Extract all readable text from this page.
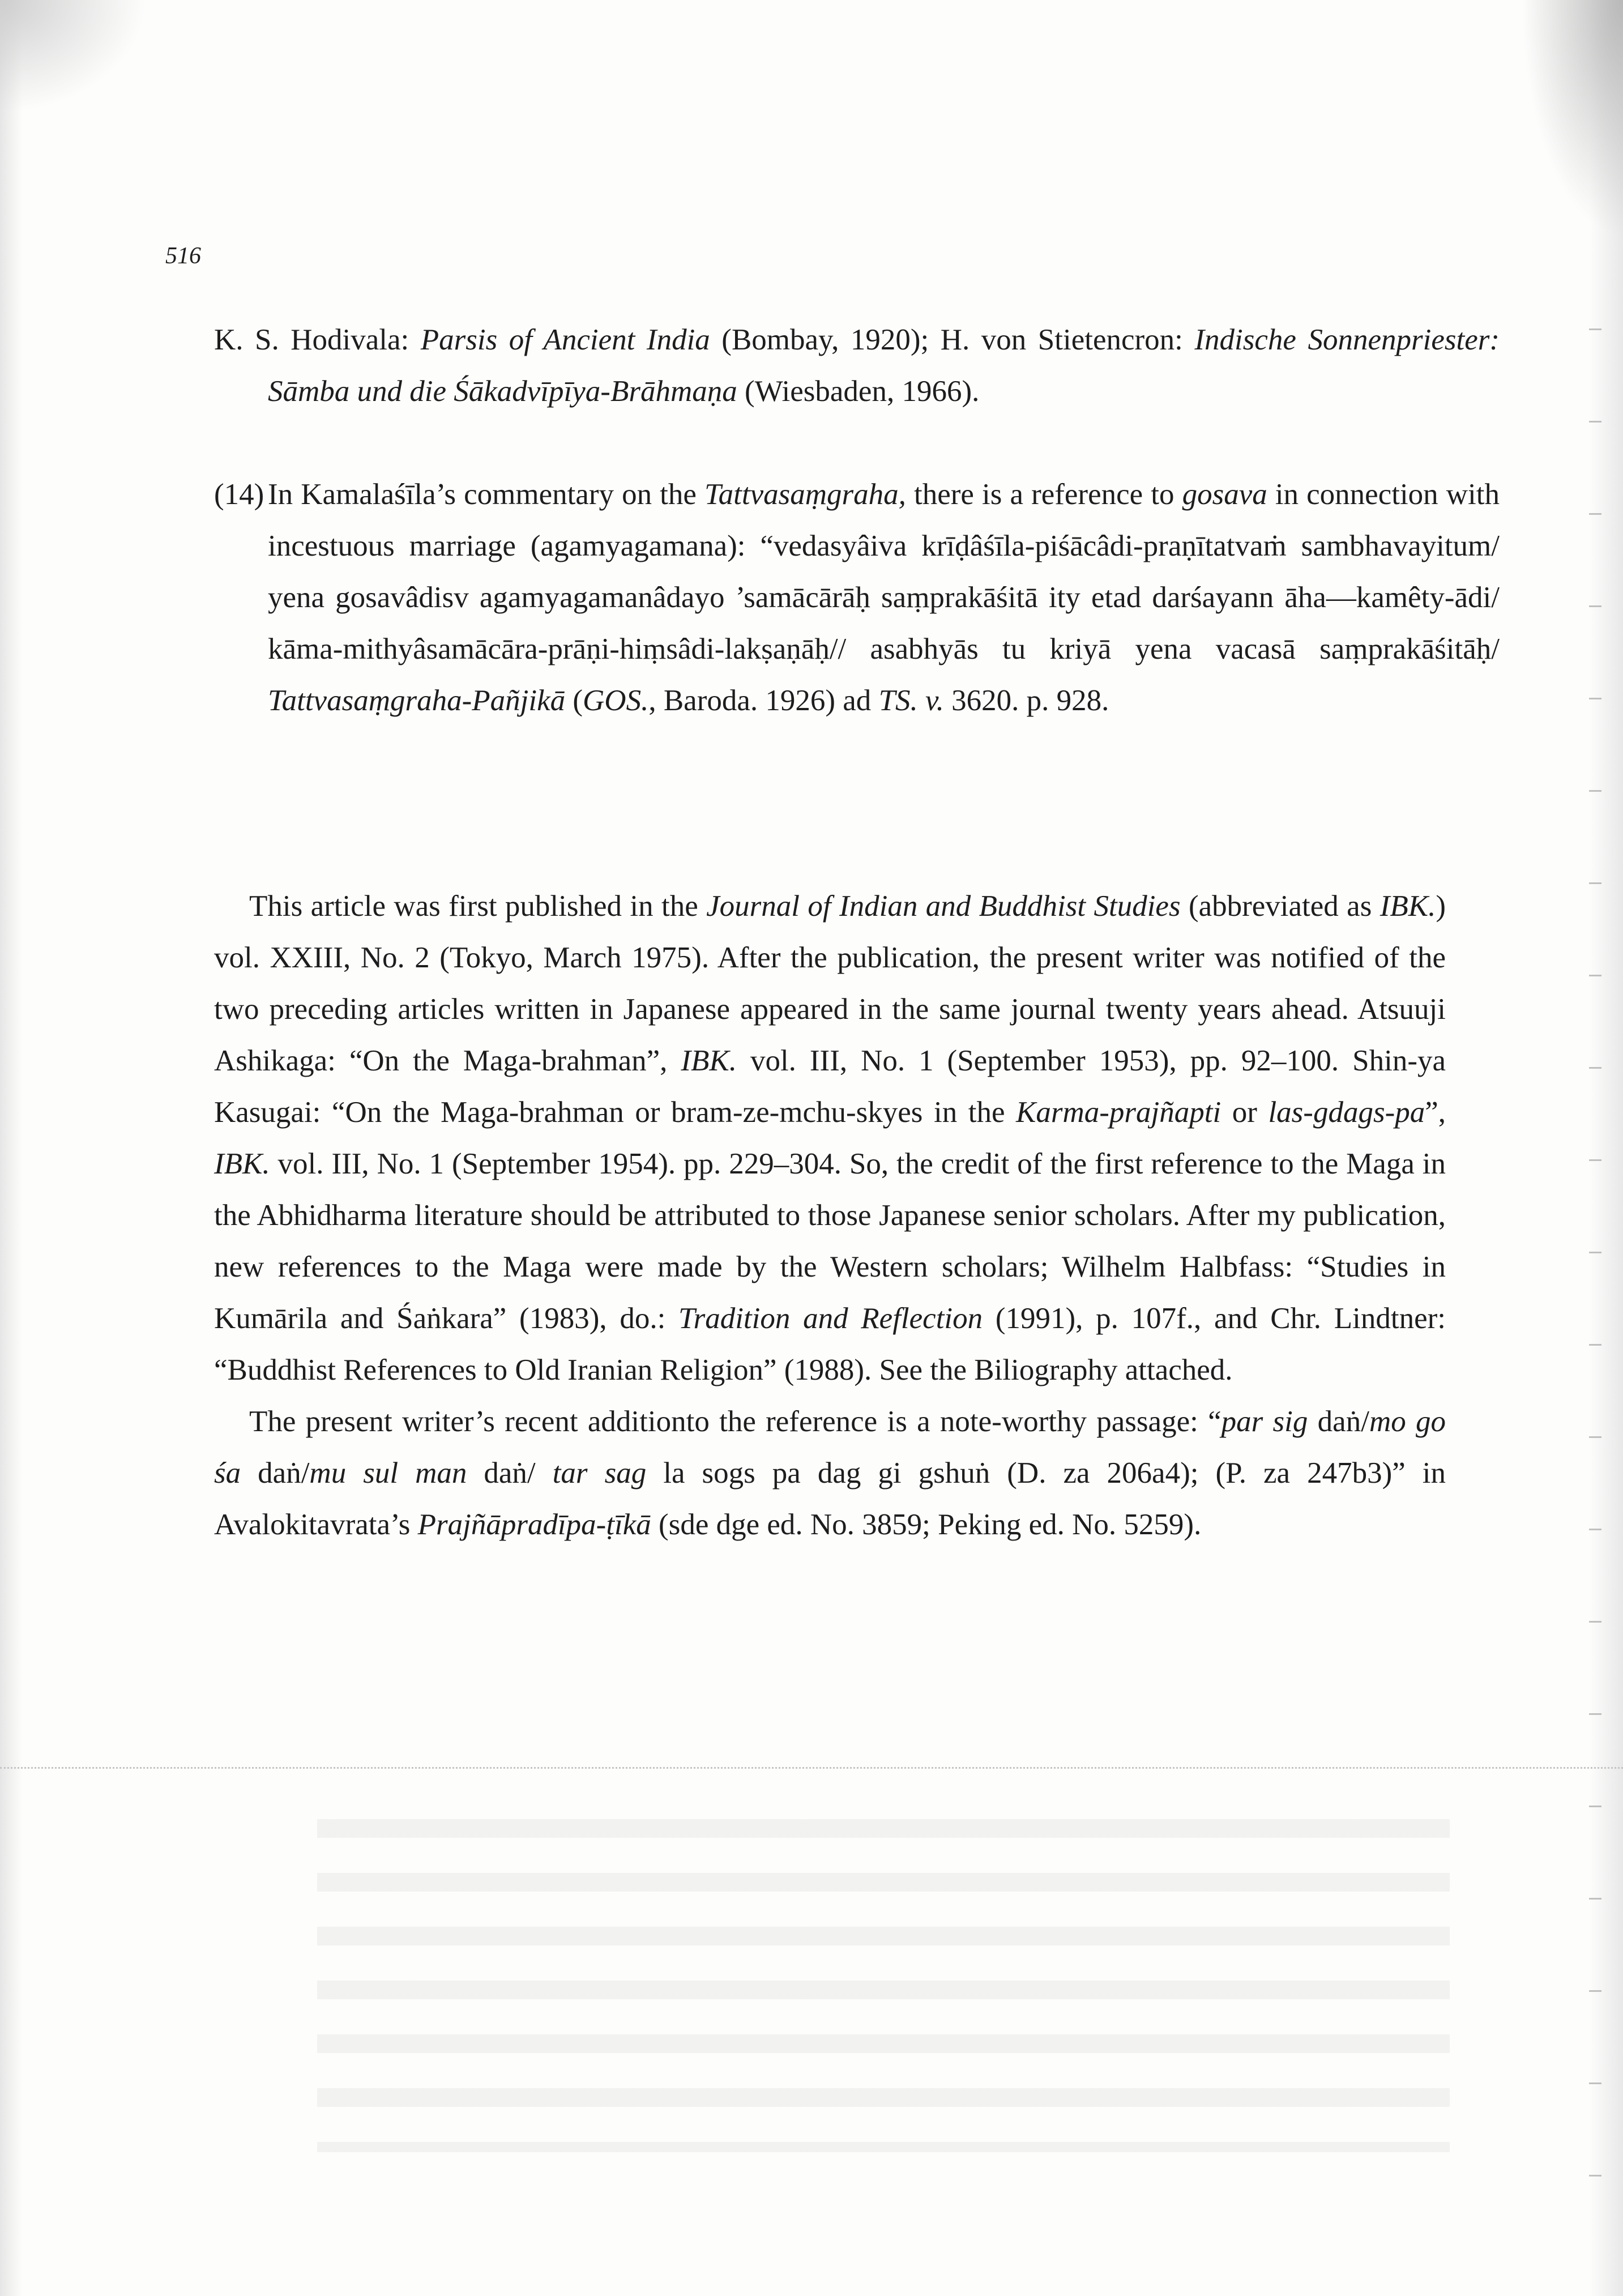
516
K. S. Hodivala: Parsis of Ancient India (Bombay, 1920); H. von Stietencron: Indische Sonnenpriester: Sāmba und die Śākadvīpīya-Brāhmaṇa (Wiesbaden, 1966).
(14) In Kamalaśīla’s commentary on the Tattvasaṃgraha, there is a reference to gosava in connection with incestuous marriage (agamyagamana): “vedasyâiva krīḍâśīla-piśācâdi-praṇītatvaṁ sambhavayitum/ yena gosavâdisv agamyagamanâdayo ’samācārāḥ saṃprakāśitā ity etad darśayann āha—kamêty-ādi/ kāma-mithyâsamācāra-prāṇi-hiṃsâdi-lakṣaṇāḥ// asabhyās tu kriyā yena vacasā saṃprakāśitāḥ/ Tattvasaṃgraha-Pañjikā (GOS., Baroda. 1926) ad TS. v. 3620. p. 928.

This article was first published in the Journal of Indian and Buddhist Studies (abbreviated as IBK.) vol. XXIII, No. 2 (Tokyo, March 1975). After the publication, the present writer was notified of the two preceding articles written in Japanese appeared in the same journal twenty years ahead. Atsuuji Ashikaga: “On the Maga-brahman”, IBK. vol. III, No. 1 (September 1953), pp. 92–100. Shin-ya Kasugai: “On the Maga-brahman or bram-ze-mchu-skyes in the Karma-prajñapti or las-gdags-pa”, IBK. vol. III, No. 1 (September 1954). pp. 229–304. So, the credit of the first reference to the Maga in the Abhidharma literature should be attributed to those Japanese senior scholars. After my publication, new references to the Maga were made by the Western scholars; Wilhelm Halbfass: “Studies in Kumārila and Śaṅkara” (1983), do.: Tradition and Reflection (1991), p. 107f., and Chr. Lindtner: “Buddhist References to Old Iranian Religion” (1988). See the Biliography attached.

The present writer’s recent additionto the reference is a note-worthy passage: “par sig daṅ/mo go śa daṅ/mu sul man daṅ/ tar sag la sogs pa dag gi gshuṅ (D. za 206a4); (P. za 247b3)” in Avalokitavrata’s Prajñāpradīpa-ṭīkā (sde dge ed. No. 3859; Peking ed. No. 5259).
